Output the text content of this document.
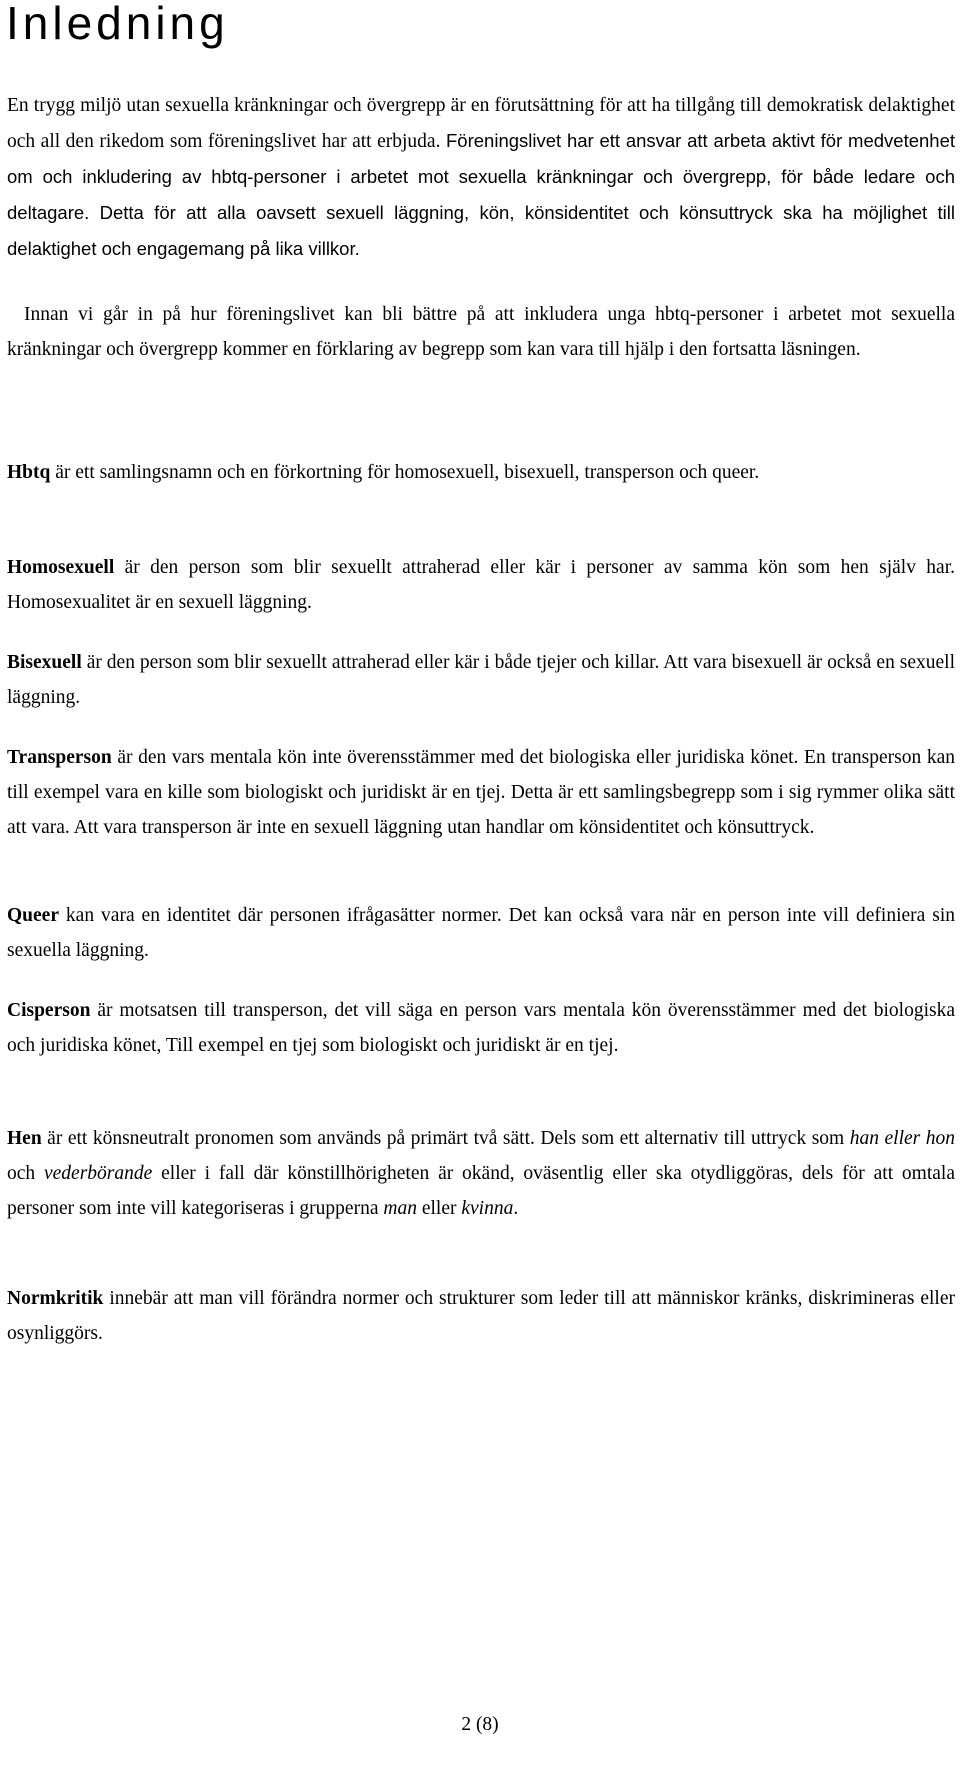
Inledning

En trygg miljö utan sexuella kränkningar och övergrepp är en förutsättning för att ha tillgång till demokratisk delaktighet och all den rikedom som föreningslivet har att erbjuda. Föreningslivet har ett ansvar att arbeta aktivt för medvetenhet om och inkludering av hbtq-personer i arbetet mot sexuella kränkningar och övergrepp, för både ledare och deltagare. Detta för att alla oavsett sexuell läggning, kön, könsidentitet och könsuttryck ska ha möjlighet till delaktighet och engagemang på lika villkor.

Innan vi går in på hur föreningslivet kan bli bättre på att inkludera unga hbtq-personer i arbetet mot sexuella kränkningar och övergrepp kommer en förklaring av begrepp som kan vara till hjälp i den fortsatta läsningen.

Hbtq är ett samlingsnamn och en förkortning för homosexuell, bisexuell, transperson och queer.

Homosexuell är den person som blir sexuellt attraherad eller kär i personer av samma kön som hen själv har. Homosexualitet är en sexuell läggning.

Bisexuell är den person som blir sexuellt attraherad eller kär i både tjejer och killar. Att vara bisexuell är också en sexuell läggning.

Transperson är den vars mentala kön inte överensstämmer med det biologiska eller juridiska könet. En transperson kan till exempel vara en kille som biologiskt och juridiskt är en tjej. Detta är ett samlingsbegrepp som i sig rymmer olika sätt att vara. Att vara transperson är inte en sexuell läggning utan handlar om könsidentitet och könsuttryck.

Queer kan vara en identitet där personen ifrågasätter normer. Det kan också vara när en person inte vill definiera sin sexuella läggning.

Cisperson är motsatsen till transperson, det vill säga en person vars mentala kön överensstämmer med det biologiska och juridiska könet, Till exempel en tjej som biologiskt och juridiskt är en tjej.

Hen är ett könsneutralt pronomen som används på primärt två sätt. Dels som ett alternativ till uttryck som han eller hon och vederbörande eller i fall där könstillhörigheten är okänd, oväsentlig eller ska otydliggöras, dels för att omtala personer som inte vill kategoriseras i grupperna man eller kvinna.

Normkritik innebär att man vill förändra normer och strukturer som leder till att människor kränks, diskrimineras eller osynliggörs.

2 (8)
